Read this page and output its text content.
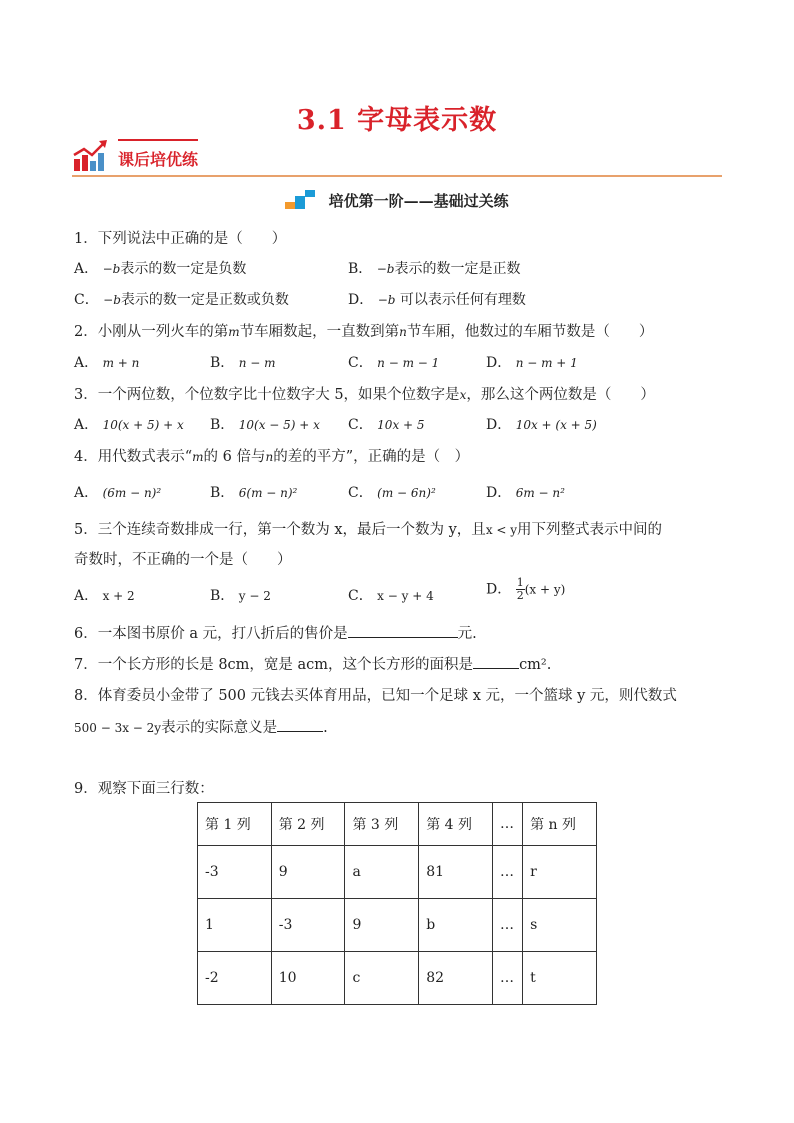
3.1 字母表示数
课后培优练
培优第一阶——基础过关练
1．下列说法中正确的是（　　）
A． −b表示的数一定是负数	B． −b表示的数一定是正数
C． −b表示的数一定是正数或负数	D． −b 可以表示任何有理数
2．小刚从一列火车的第m节车厢数起，一直数到第n节车厢，他数过的车厢节数是（　　）
A． m + n	B． n − m	C． n − m − 1	D． n − m + 1
3．一个两位数，个位数字比十位数字大 5，如果个位数字是x，那么这个两位数是（　　）
A． 10(x + 5) + x B． 10(x − 5) + x C． 10x + 5	D． 10x + (x + 5)
4．用代数式表示“m的 6 倍与n的差的平方”，正确的是（　）
A． (6m − n)²	B． 6(m − n)²	C． (m − 6n)²	D． 6m − n²
5．三个连续奇数排成一行，第一个数为 x，最后一个数为 y，且x < y用下列整式表示中间的
奇数时，不正确的一个是（　　）
A． x + 2	B． y − 2	C． x − y + 4	D． $\frac{1}{2} (x + y)$
6．一本图书原价 a 元，打八折后的售价是	元.
7．一个长方形的长是 8cm，宽是 acm，这个长方形的面积是	cm².
8．体育委员小金带了 500 元钱去买体育用品，已知一个足球 x 元，一个篮球 y 元，则代数式
500 − 3x − 2y表示的实际意义是	.
9．观察下面三行数：
第 1 列	第 2 列	第 3 列	第 4 列	…	第 n 列
-3	9	a	81	…	r
1	-3	9	b	…	s
-2	10	c	82	…	t
